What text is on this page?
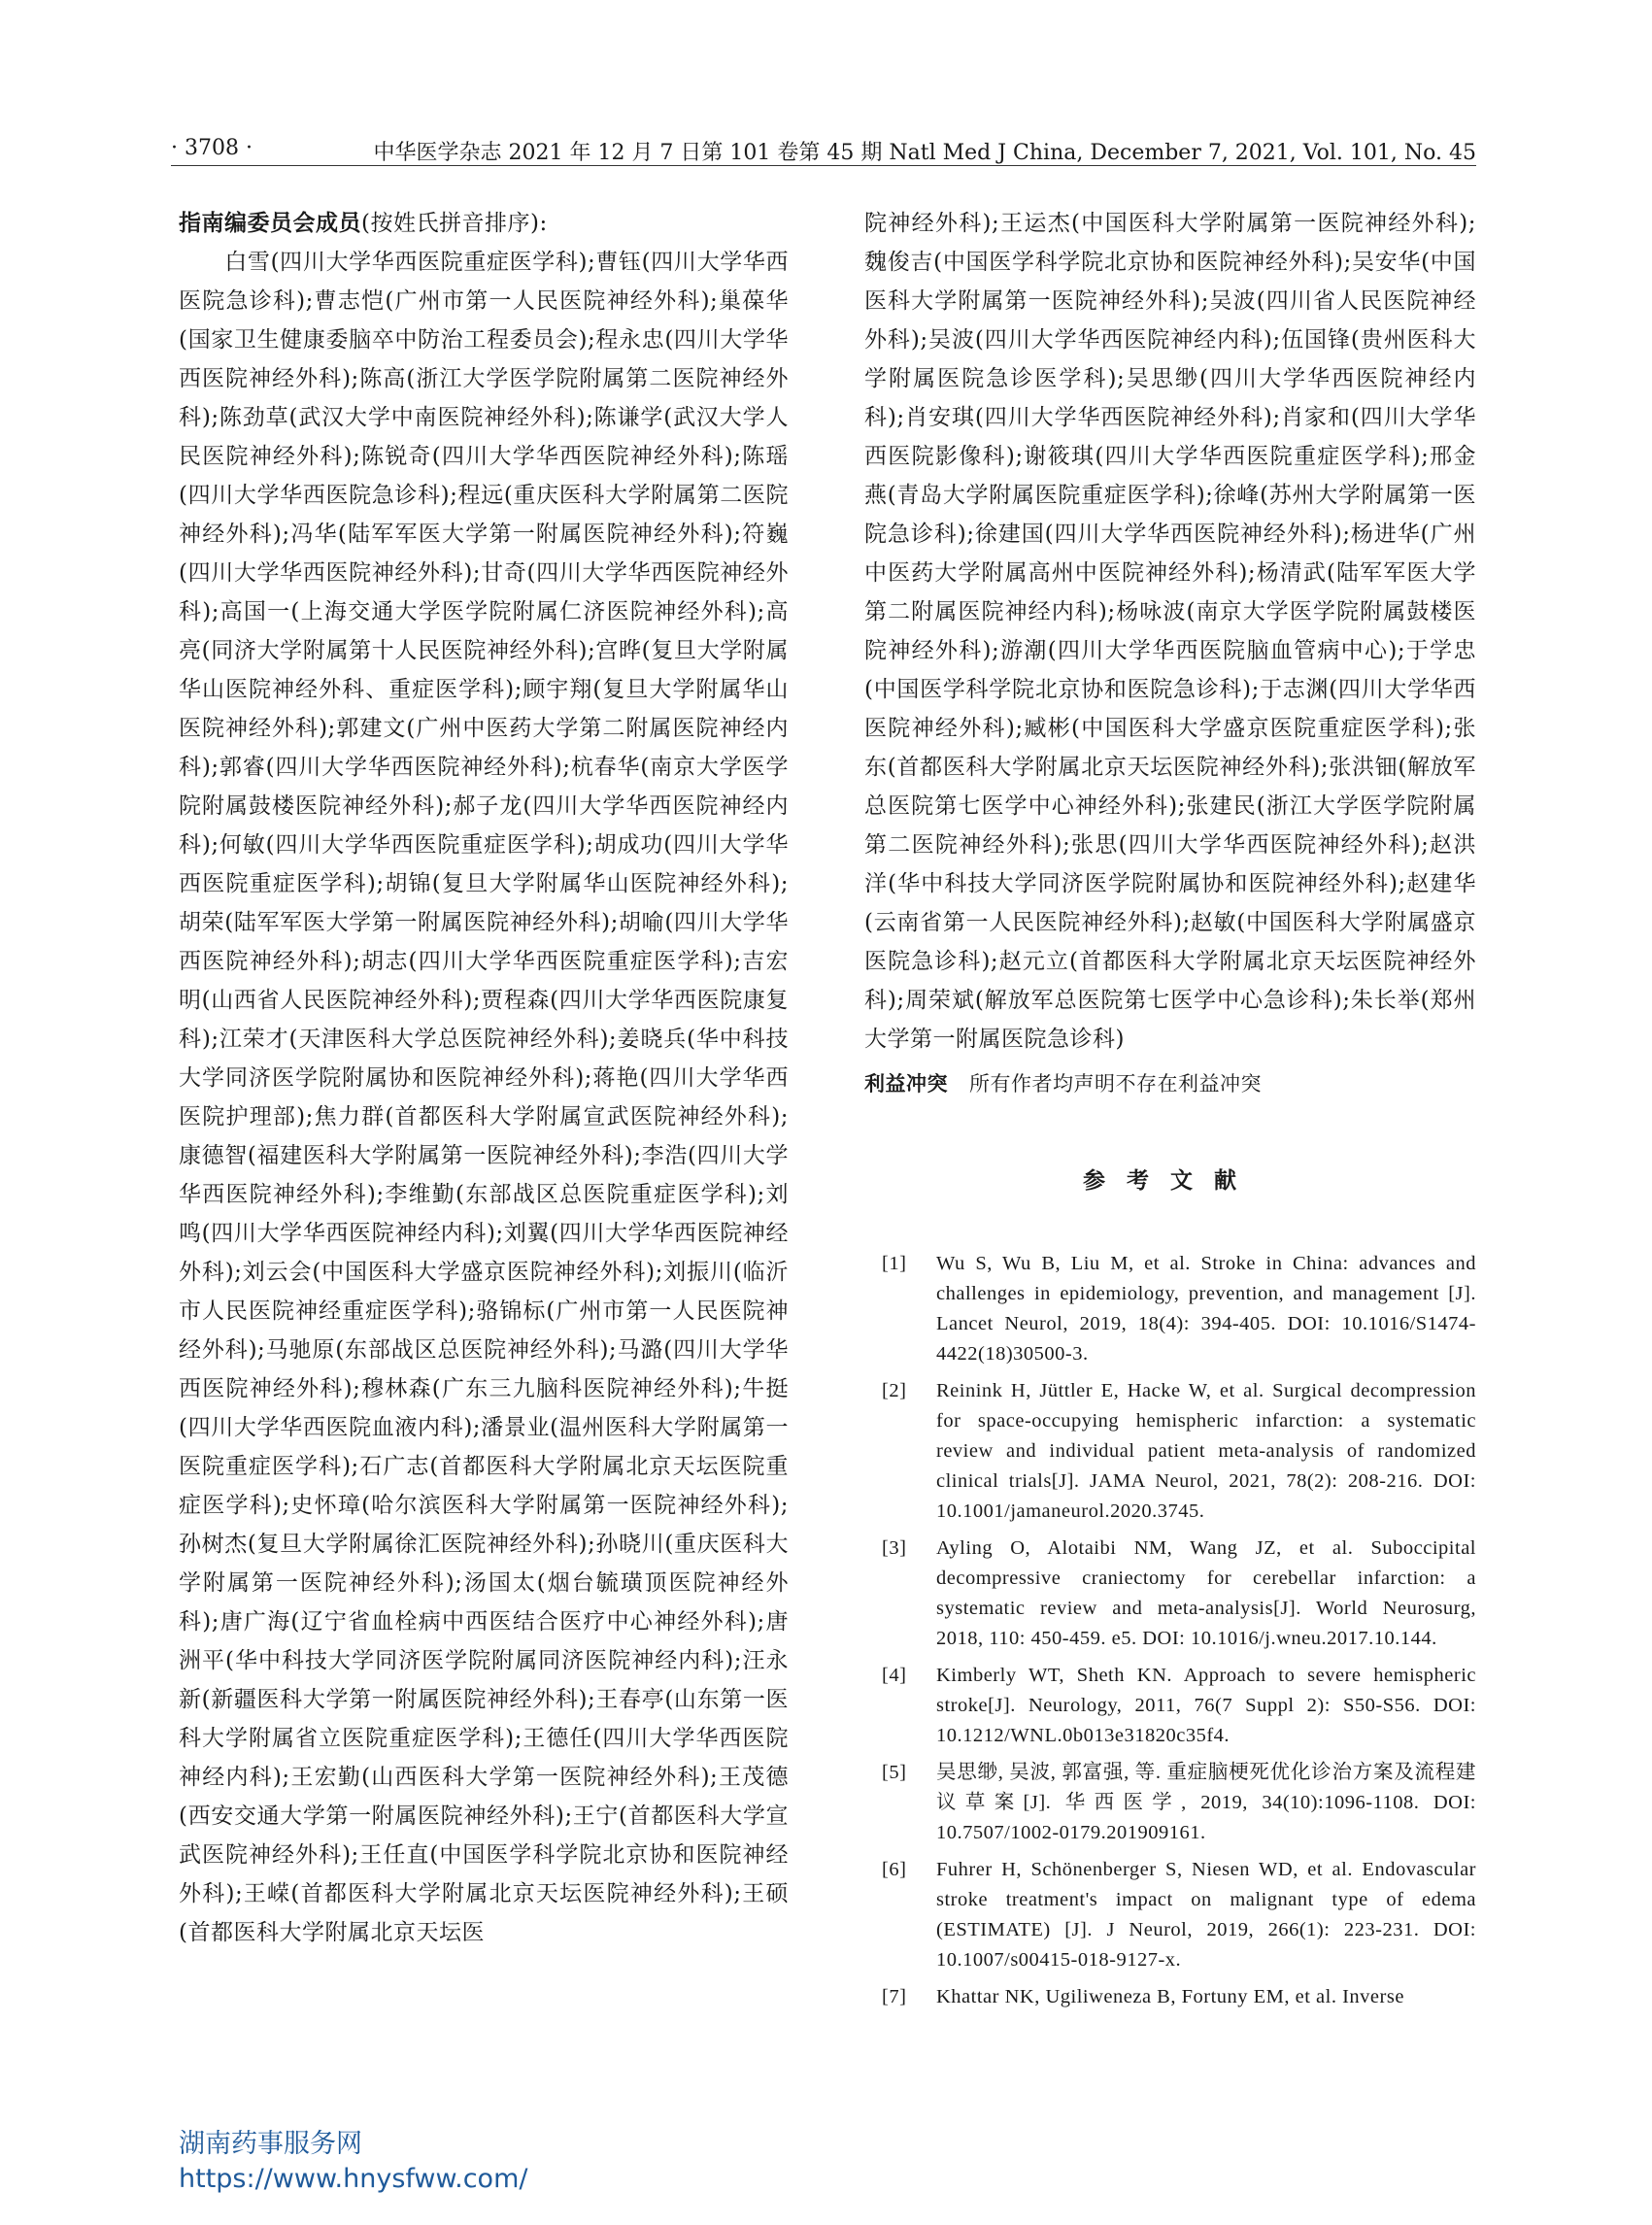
· 3708 ·	中华医学杂志 2021 年 12 月 7 日第 101 卷第 45 期 Natl Med J China, December 7, 2021, Vol. 101, No. 45
指南编委员会成员(按姓氏拼音排序):

　　白雪(四川大学华西医院重症医学科);曹钰(四川大学华西医院急诊科);曹志恺(广州市第一人民医院神经外科);巢葆华(国家卫生健康委脑卒中防治工程委员会);程永忠(四川大学华西医院神经外科);陈高(浙江大学医学院附属第二医院神经外科);陈劲草(武汉大学中南医院神经外科);陈谦学(武汉大学人民医院神经外科);陈锐奇(四川大学华西医院神经外科);陈瑶(四川大学华西医院急诊科);程远(重庆医科大学附属第二医院神经外科);冯华(陆军军医大学第一附属医院神经外科);符巍(四川大学华西医院神经外科);甘奇(四川大学华西医院神经外科);高国一(上海交通大学医学院附属仁济医院神经外科);高亮(同济大学附属第十人民医院神经外科);宫晔(复旦大学附属华山医院神经外科、重症医学科);顾宇翔(复旦大学附属华山医院神经外科);郭建文(广州中医药大学第二附属医院神经内科);郭睿(四川大学华西医院神经外科);杭春华(南京大学医学院附属鼓楼医院神经外科);郝子龙(四川大学华西医院神经内科);何敏(四川大学华西医院重症医学科);胡成功(四川大学华西医院重症医学科);胡锦(复旦大学附属华山医院神经外科);胡荣(陆军军医大学第一附属医院神经外科);胡喻(四川大学华西医院神经外科);胡志(四川大学华西医院重症医学科);吉宏明(山西省人民医院神经外科);贾程森(四川大学华西医院康复科);江荣才(天津医科大学总医院神经外科);姜晓兵(华中科技大学同济医学院附属协和医院神经外科);蒋艳(四川大学华西医院护理部);焦力群(首都医科大学附属宣武医院神经外科);康德智(福建医科大学附属第一医院神经外科);李浩(四川大学华西医院神经外科);李维勤(东部战区总医院重症医学科);刘鸣(四川大学华西医院神经内科);刘翼(四川大学华西医院神经外科);刘云会(中国医科大学盛京医院神经外科);刘振川(临沂市人民医院神经重症医学科);骆锦标(广州市第一人民医院神经外科);马驰原(东部战区总医院神经外科);马潞(四川大学华西医院神经外科);穆林森(广东三九脑科医院神经外科);牛挺(四川大学华西医院血液内科);潘景业(温州医科大学附属第一医院重症医学科);石广志(首都医科大学附属北京天坛医院重症医学科);史怀璋(哈尔滨医科大学附属第一医院神经外科);孙树杰(复旦大学附属徐汇医院神经外科);孙晓川(重庆医科大学附属第一医院神经外科);汤国太(烟台毓璜顶医院神经外科);唐广海(辽宁省血栓病中西医结合医疗中心神经外科);唐洲平(华中科技大学同济医学院附属同济医院神经内科);汪永新(新疆医科大学第一附属医院神经外科);王春亭(山东第一医科大学附属省立医院重症医学科);王德任(四川大学华西医院神经内科);王宏勤(山西医科大学第一医院神经外科);王茂德(西安交通大学第一附属医院神经外科);王宁(首都医科大学宣武医院神经外科);王任直(中国医学科学院北京协和医院神经外科);王嵘(首都医科大学附属北京天坛医院神经外科);王硕(首都医科大学附属北京天坛医

院神经外科);王运杰(中国医科大学附属第一医院神经外科);魏俊吉(中国医学科学院北京协和医院神经外科);吴安华(中国医科大学附属第一医院神经外科);吴波(四川省人民医院神经外科);吴波(四川大学华西医院神经内科);伍国锋(贵州医科大学附属医院急诊医学科);吴思缈(四川大学华西医院神经内科);肖安琪(四川大学华西医院神经外科);肖家和(四川大学华西医院影像科);谢筱琪(四川大学华西医院重症医学科);邢金燕(青岛大学附属医院重症医学科);徐峰(苏州大学附属第一医院急诊科);徐建国(四川大学华西医院神经外科);杨进华(广州中医药大学附属高州中医院神经外科);杨清武(陆军军医大学第二附属医院神经内科);杨咏波(南京大学医学院附属鼓楼医院神经外科);游潮(四川大学华西医院脑血管病中心);于学忠(中国医学科学院北京协和医院急诊科);于志渊(四川大学华西医院神经外科);臧彬(中国医科大学盛京医院重症医学科);张东(首都医科大学附属北京天坛医院神经外科);张洪钿(解放军总医院第七医学中心神经外科);张建民(浙江大学医学院附属第二医院神经外科);张思(四川大学华西医院神经外科);赵洪洋(华中科技大学同济医学院附属协和医院神经外科);赵建华(云南省第一人民医院神经外科);赵敏(中国医科大学附属盛京医院急诊科);赵元立(首都医科大学附属北京天坛医院神经外科);周荣斌(解放军总医院第七医学中心急诊科);朱长举(郑州大学第一附属医院急诊科)

利益冲突 所有作者均声明不存在利益冲突

参考文献
[1]	Wu S, Wu B, Liu M, et al. Stroke in China: advances and challenges in epidemiology, prevention, and management [J]. Lancet Neurol, 2019, 18(4): 394-405. DOI: 10.1016/S1474-4422(18)30500-3.
[2]	Reinink H, Jüttler E, Hacke W, et al. Surgical decompression for space-occupying hemispheric infarction: a systematic review and individual patient meta-analysis of randomized clinical trials[J]. JAMA Neurol, 2021, 78(2): 208-216. DOI: 10.1001/jamaneurol.2020.3745.
[3]	Ayling O, Alotaibi NM, Wang JZ, et al. Suboccipital decompressive craniectomy for cerebellar infarction: a systematic review and meta-analysis[J]. World Neurosurg, 2018, 110: 450-459. e5. DOI: 10.1016/j.wneu.2017.10.144.
[4]	Kimberly WT, Sheth KN. Approach to severe hemispheric stroke[J]. Neurology, 2011, 76(7 Suppl 2): S50-S56. DOI: 10.1212/WNL.0b013e31820c35f4.
[5]	吴思缈, 吴波, 郭富强, 等. 重症脑梗死优化诊治方案及流程建议草案[J]. 华西医学, 2019, 34(10):1096-1108. DOI: 10.7507/1002-0179.201909161.
[6]	Fuhrer H, Schönenberger S, Niesen WD, et al. Endovascular stroke treatment's impact on malignant type of edema (ESTIMATE) [J]. J Neurol, 2019, 266(1): 223-231. DOI: 10.1007/s00415-018-9127-x.
[7]	Khattar NK, Ugiliweneza B, Fortuny EM, et al. Inverse
湖南药事服务网
https://www.hnysfww.com/
